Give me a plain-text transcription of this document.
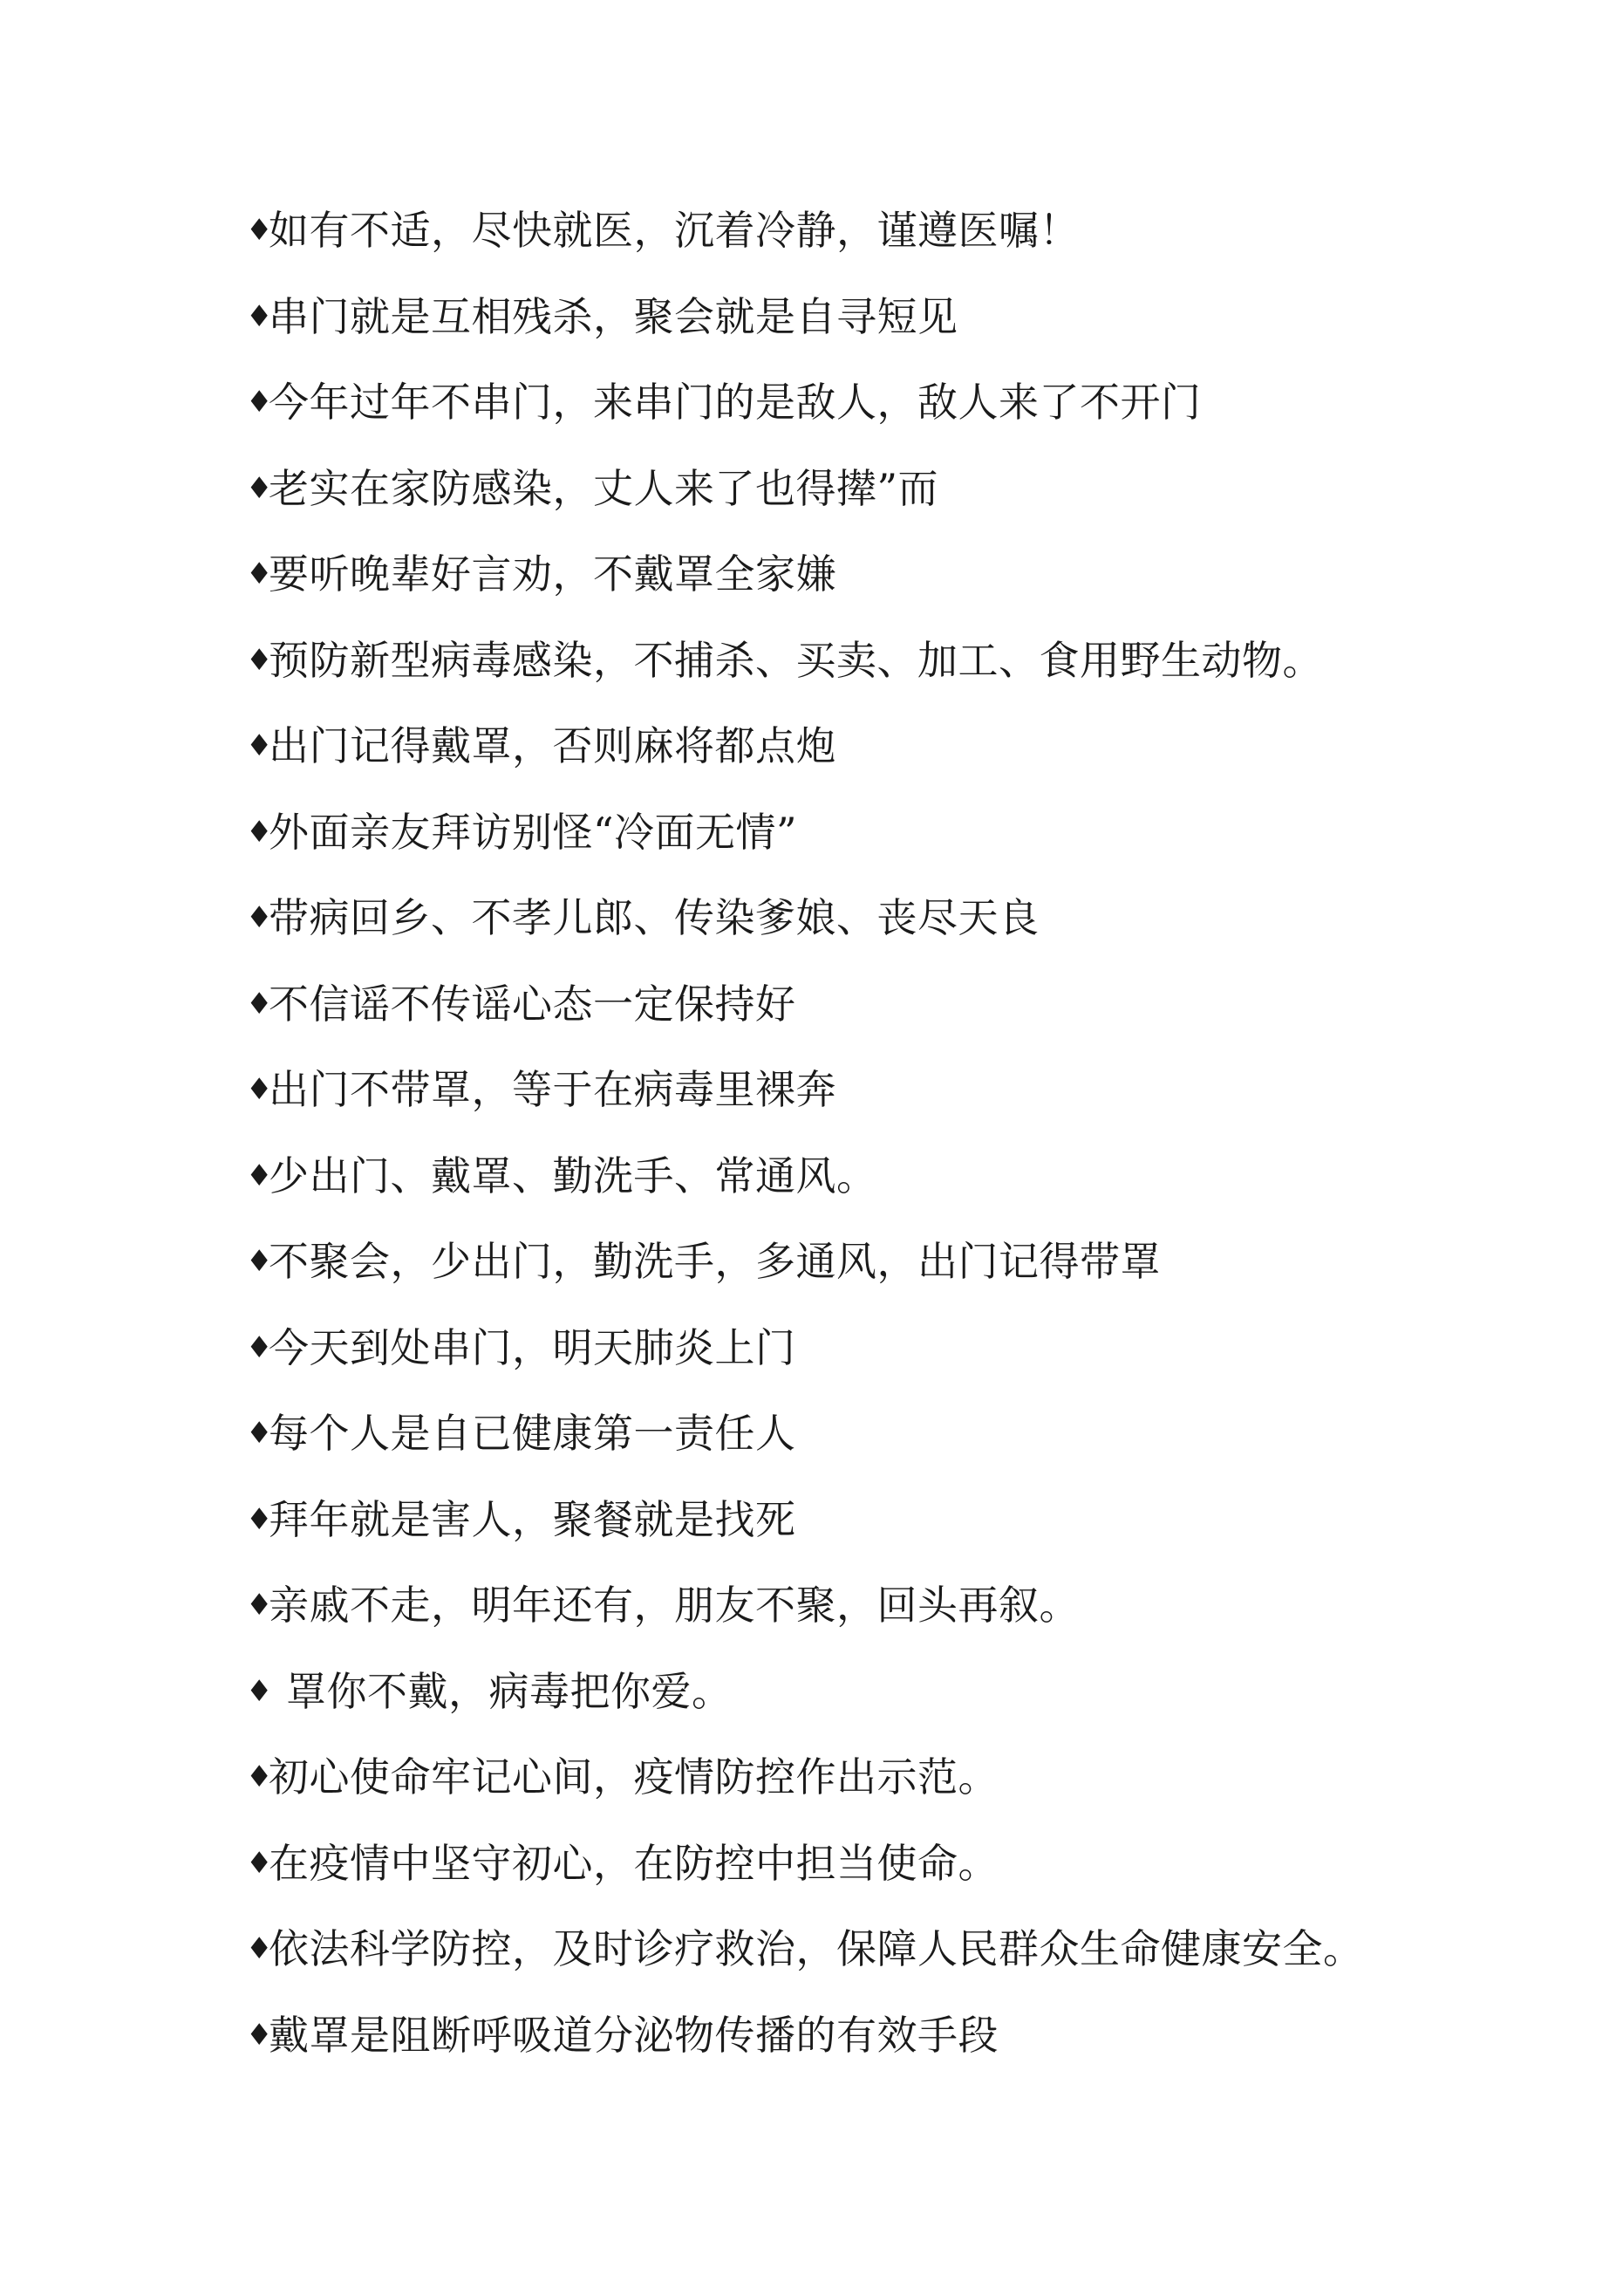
♦
如有不适，尽快就医，沉着冷静，谨遵医嘱！
♦
串门就是互相残杀，聚会就是自寻短见
♦
今年过年不串门，来串门的是敌人，敌人来了不开门
♦
老实在家防感染，丈人来了也得撵”而
♦
要听晚辈好言劝，不戴罩全家嫌
♦
预防新型病毒感染，不捕杀、买卖、加工、食用野生动物。
♦
出门记得戴罩，否则麻将都点炮
♦
外面亲友拜访别怪“冷面无情”
♦
带病回乡、不孝儿郎、传染爹娘、丧尽天良
♦
不信谣不传谣心态一定保持好
♦
出门不带罩，等于在病毒里裸奔
♦
少出门、戴罩、勤洗手、常通风。
♦
不聚会，少出门，勤洗手，多通风，出门记得带罩
♦
今天到处串门，明天肺炎上门
♦
每个人是自已健康第一责任人
♦
拜年就是害人，聚餐就是找死
♦
亲戚不走，明年还有，朋友不聚，回头再叙。
♦ 罩你不戴，病毒把你爱。
♦
初心使命牢记心间，疫情防控作出示范。
♦
在疫情中坚守初心，在防控中担当使命。
♦
依法科学防控，及时诊疗救治，保障人民群众生命健康安全。
♦
戴罩是阻断呼吸道分泌物传播的有效手段
